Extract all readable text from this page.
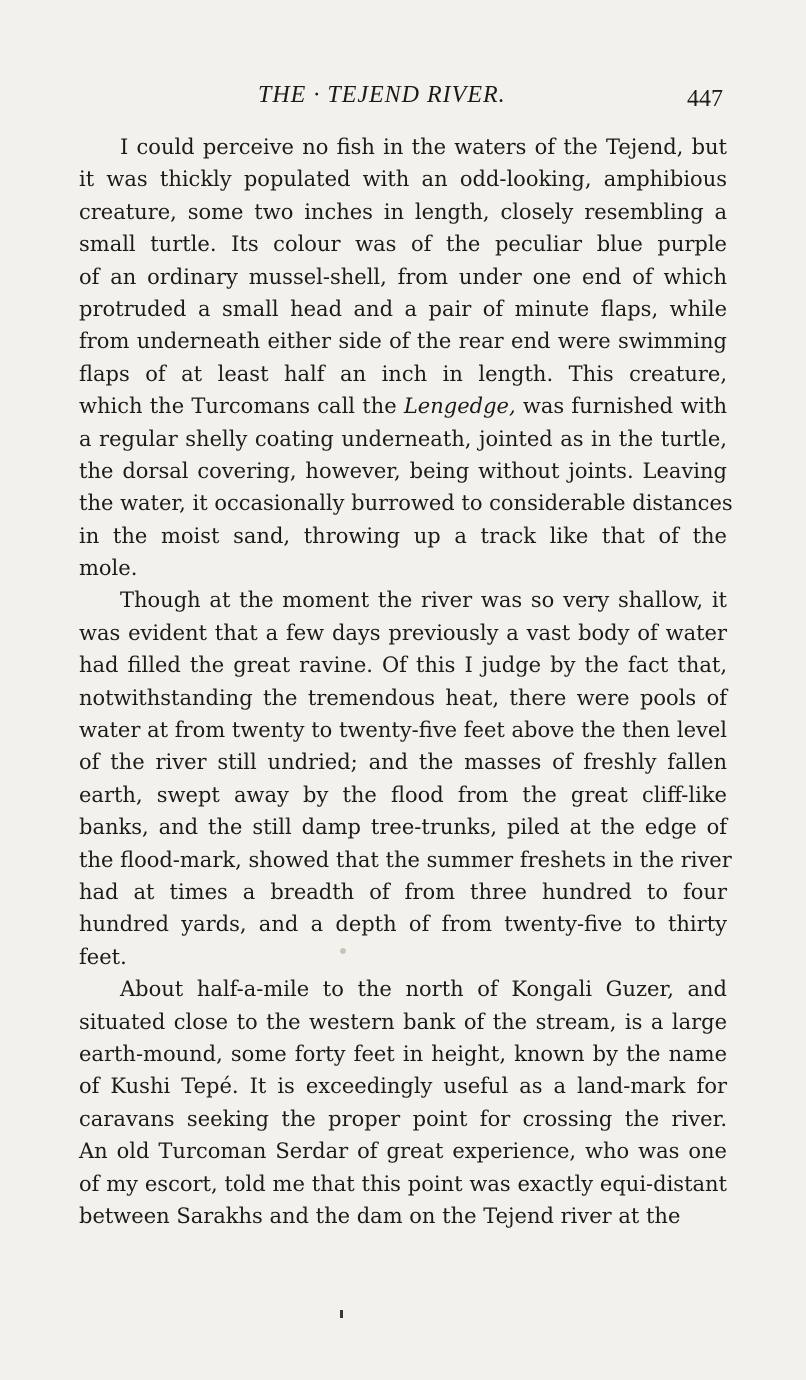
THE · TEJEND RIVER.	447

I could perceive no fish in the waters of the Tejend, but
it was thickly populated with an odd-looking, amphibious
creature, some two inches in length, closely resembling a
small turtle. Its colour was of the peculiar blue purple
of an ordinary mussel-shell, from under one end of which
protruded a small head and a pair of minute flaps, while
from underneath either side of the rear end were swimming
flaps of at least half an inch in length. This creature,
which the Turcomans call the Lengedge, was furnished with
a regular shelly coating underneath, jointed as in the turtle,
the dorsal covering, however, being without joints. Leaving
the water, it occasionally burrowed to considerable distances
in the moist sand, throwing up a track like that of the
mole.

Though at the moment the river was so very shallow, it
was evident that a few days previously a vast body of water
had filled the great ravine. Of this I judge by the fact that,
notwithstanding the tremendous heat, there were pools of
water at from twenty to twenty-five feet above the then level
of the river still undried; and the masses of freshly fallen
earth, swept away by the flood from the great cliff-like
banks, and the still damp tree-trunks, piled at the edge of
the flood-mark, showed that the summer freshets in the river
had at times a breadth of from three hundred to four
hundred yards, and a depth of from twenty-five to thirty
feet.

About half-a-mile to the north of Kongali Guzer, and
situated close to the western bank of the stream, is a large
earth-mound, some forty feet in height, known by the name
of Kushi Tepé. It is exceedingly useful as a land-mark for
caravans seeking the proper point for crossing the river.
An old Turcoman Serdar of great experience, who was one
of my escort, told me that this point was exactly equi-distant
between Sarakhs and the dam on the Tejend river at the
